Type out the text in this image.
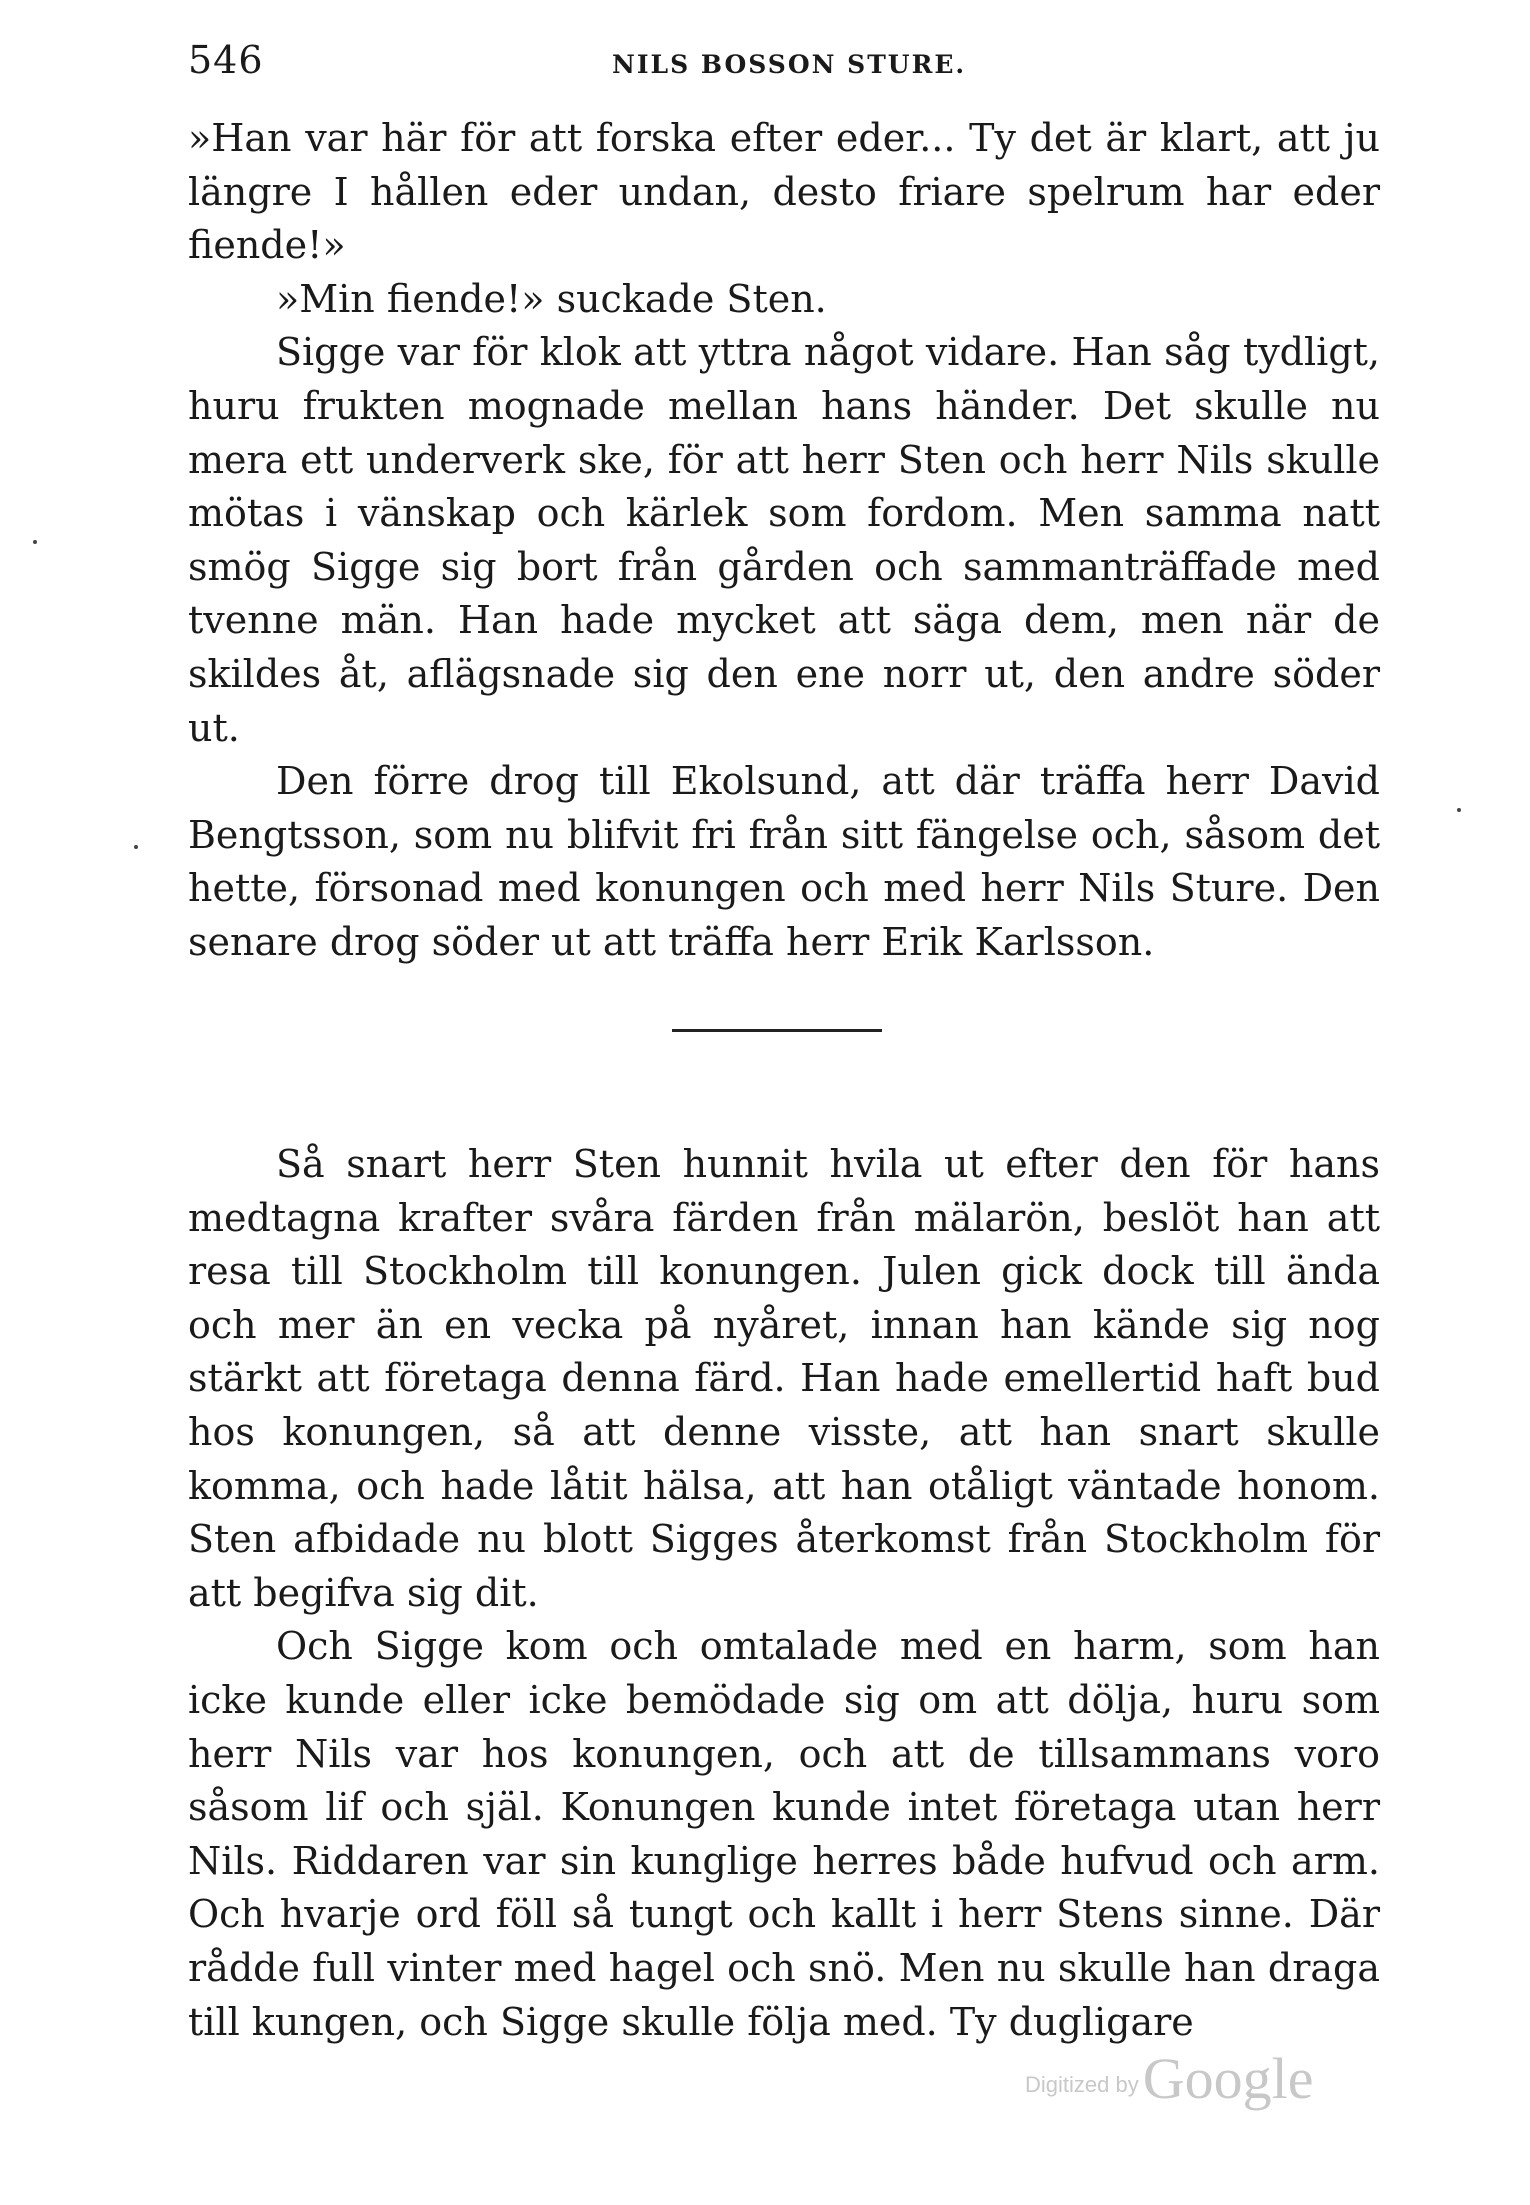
546	NILS BOSSON STURE.

»Han var här för att forska efter eder... Ty det är klart, att ju längre I hållen eder undan, desto friare spelrum har eder fiende!»

»Min fiende!» suckade Sten.

Sigge var för klok att yttra något vidare. Han såg tydligt, huru frukten mognade mellan hans händer. Det skulle nu mera ett underverk ske, för att herr Sten och herr Nils skulle mötas i vänskap och kärlek som fordom. Men samma natt smög Sigge sig bort från gården och sammanträffade med tvenne män. Han hade mycket att säga dem, men när de skildes åt, aflägsnade sig den ene norr ut, den andre söder ut.

Den förre drog till Ekolsund, att där träffa herr David Bengtsson, som nu blifvit fri från sitt fängelse och, såsom det hette, försonad med konungen och med herr Nils Sture. Den senare drog söder ut att träffa herr Erik Karlsson.

Så snart herr Sten hunnit hvila ut efter den för hans medtagna krafter svåra färden från mälarön, beslöt han att resa till Stockholm till konungen. Julen gick dock till ända och mer än en vecka på nyåret, innan han kände sig nog stärkt att företaga denna färd. Han hade emellertid haft bud hos konungen, så att denne visste, att han snart skulle komma, och hade låtit hälsa, att han otåligt väntade honom. Sten afbidade nu blott Sigges återkomst från Stockholm för att begifva sig dit.

Och Sigge kom och omtalade med en harm, som han icke kunde eller icke bemödade sig om att dölja, huru som herr Nils var hos konungen, och att de tillsammans voro såsom lif och själ. Konungen kunde intet företaga utan herr Nils. Riddaren var sin kunglige herres både hufvud och arm. Och hvarje ord föll så tungt och kallt i herr Stens sinne. Där rådde full vinter med hagel och snö. Men nu skulle han draga till kungen, och Sigge skulle följa med. Ty dugligare

Digitized byGoogle
